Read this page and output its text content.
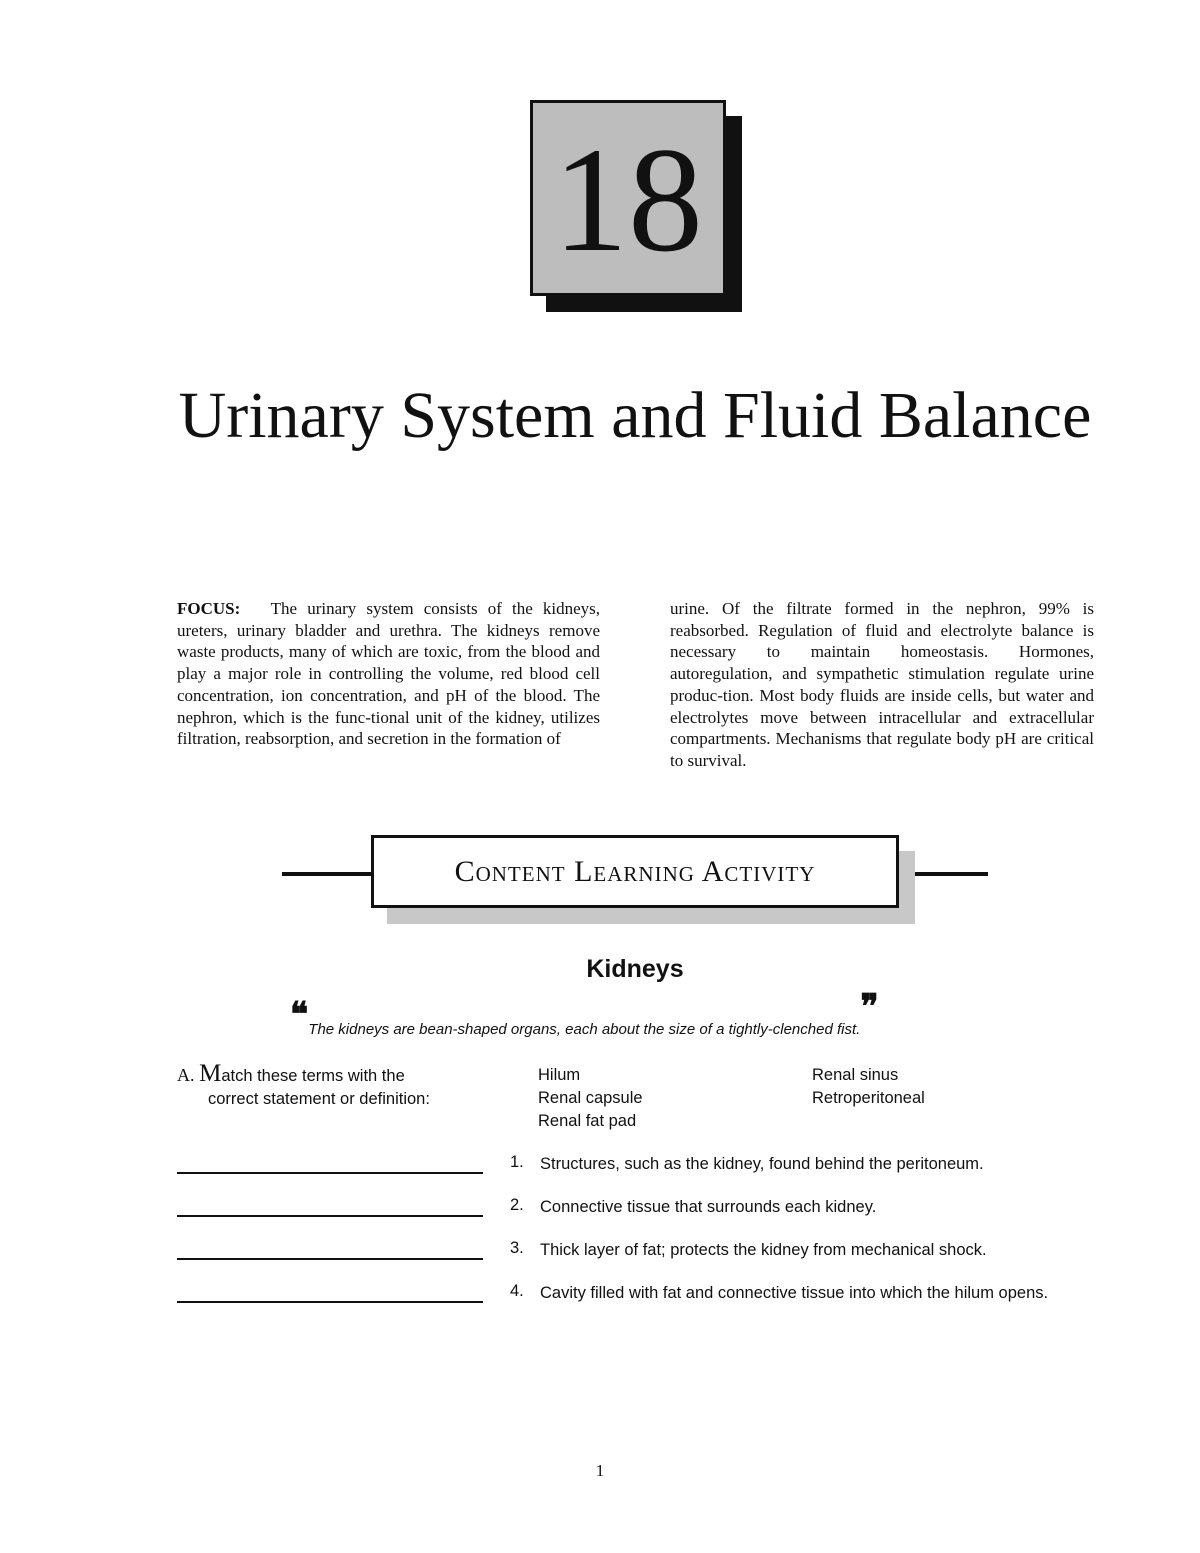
18
Urinary System and Fluid Balance
FOCUS: The urinary system consists of the kidneys, ureters, urinary bladder and urethra. The kidneys remove waste products, many of which are toxic, from the blood and play a major role in controlling the volume, red blood cell concentration, ion concentration, and pH of the blood. The nephron, which is the func-tional unit of the kidney, utilizes filtration, reabsorption, and secretion in the formation of
urine. Of the filtrate formed in the nephron, 99% is reabsorbed. Regulation of fluid and electrolyte balance is necessary to maintain homeostasis. Hormones, autoregulation, and sympathetic stimulation regulate urine produc-tion. Most body fluids are inside cells, but water and electrolytes move between intracellular and extracellular compartments. Mechanisms that regulate body pH are critical to survival.
Content Learning Activity
Kidneys
❝The kidneys are bean-shaped organs, each about the size of a tightly-clenched fist.❞
A. Match these terms with the
correct statement or definition:
Hilum
Renal capsule
Renal fat pad
Renal sinus
Retroperitoneal
1. Structures, such as the kidney, found behind the peritoneum.
2. Connective tissue that surrounds each kidney.
3. Thick layer of fat; protects the kidney from mechanical shock.
4. Cavity filled with fat and connective tissue into which the hilum opens.
1
